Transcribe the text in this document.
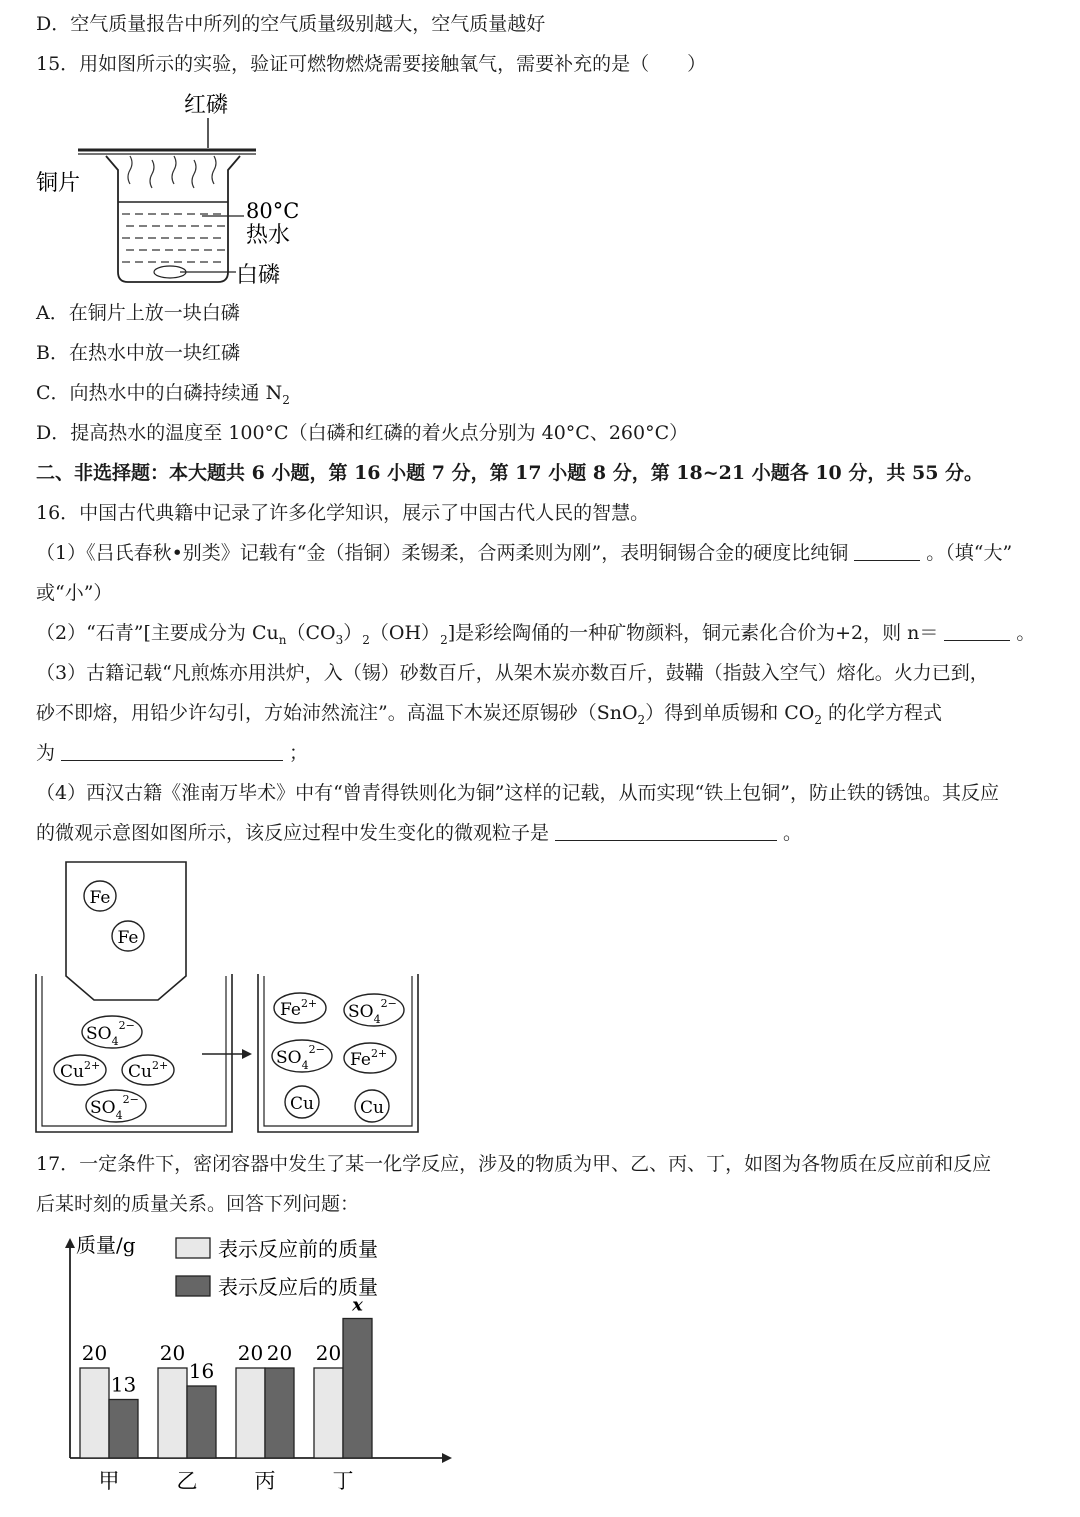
D．空气质量报告中所列的空气质量级别越大，空气质量越好
15．用如图所示的实验，验证可燃物燃烧需要接触氧气，需要补充的是（　　）
红磷
铜片
80°C
热水
白磷
A．在铜片上放一块白磷
B．在热水中放一块红磷
C．向热水中的白磷持续通 $N_2$
D．提高热水的温度至 100°C（白磷和红磷的着火点分别为 40°C、260°C）
二、非选择题：本大题共 6 小题，第 16 小题 7 分，第 17 小题 8 分，第 18~21 小题各 10 分，共 55 分。
16．中国古代典籍中记录了许多化学知识，展示了中国古代人民的智慧。
（1）《吕氏春秋•别类》记载有“金（指铜）柔锡柔，合两柔则为刚”，表明铜锡合金的硬度比纯铜	。（填“大”
或“小”）
（2）“石青”[主要成分为 $Cu_n(CO_3)_2(OH)_2$]是彩绘陶俑的一种矿物颜料，铜元素化合价为+2，则 n＝	。
（3）古籍记载“凡煎炼亦用洪炉，入（锡）砂数百斤，从架木炭亦数百斤，鼓鞴（指鼓入空气）熔化。火力已到，
砂不即熔，用铅少许勾引，方始沛然流注”。高温下木炭还原锡砂（SnO$_2$）得到单质锡和 $CO_2$ 的化学方程式
为	；
（4）西汉古籍《淮南万毕术》中有“曾青得铁则化为铜”这样的记载，从而实现“铁上包铜”，防止铁的锈蚀。其反应
的微观示意图如图所示，该反应过程中发生变化的微观粒子是	。
Fe
Fe
$SO_4^{2-}$
$Cu^{2+}$ $Cu^{2+}$
$SO_4^{2-}$
$Fe^{2+}$ $SO_4^{2-}$
$SO_4^{2-}$
$Fe^{2+}$
Cu	Cu
17．一定条件下，密闭容器中发生了某一化学反应，涉及的物质为甲、乙、丙、丁，如图为各物质在反应前和反应
后某时刻的质量关系。回答下列问题：
质量/g	表示反应前的质量
表示反应后的质量
20
13
甲
20
16
乙
20 20
丙
20
x
丁
